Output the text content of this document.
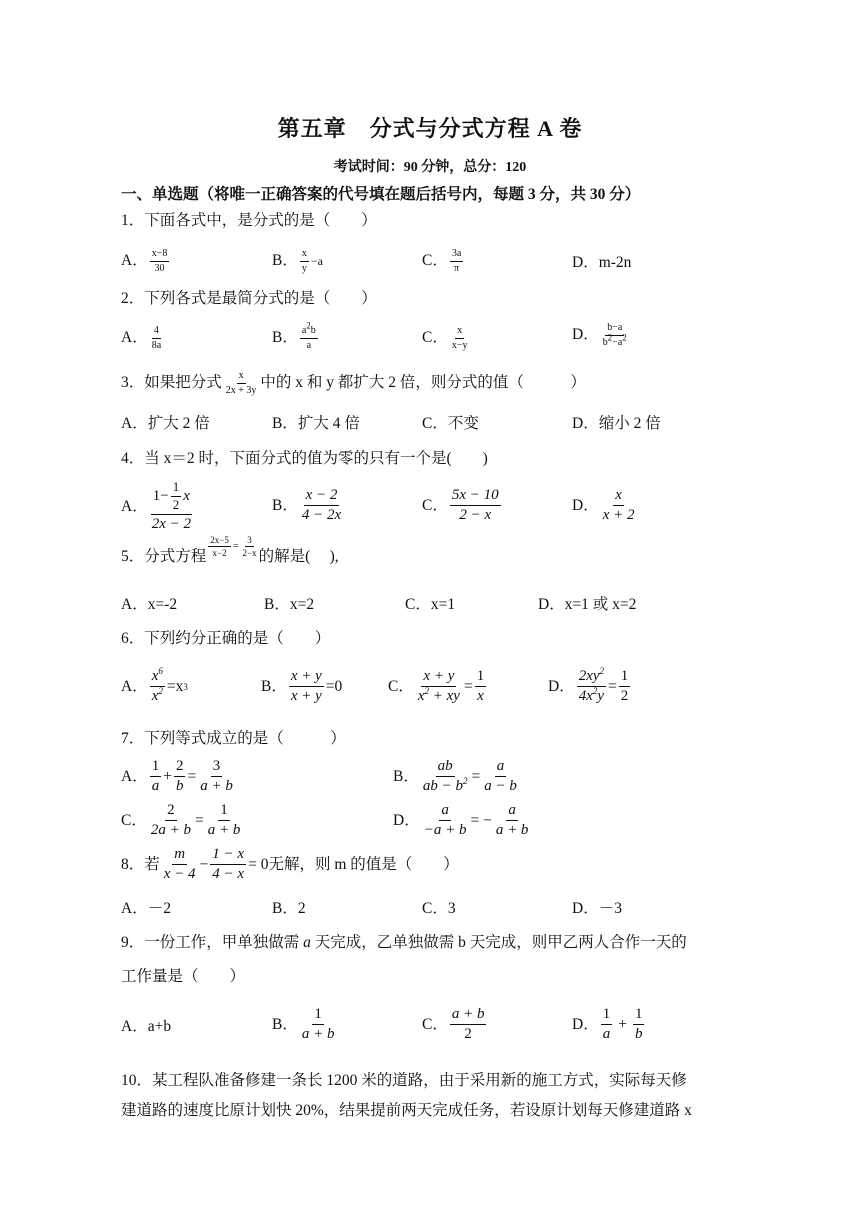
第五章　分式与分式方程 A 卷
考试时间：90 分钟，总分：120
一、单选题（将唯一正确答案的代号填在题后括号内，每题 3 分，共 30 分）
1．下面各式中，是分式的是（　　）
A． $\frac{x-8}{30}$	B． $\frac{x}{y} -a$	C． $\frac{3a}{\pi}$	D． m-2n
2．下列各式是最简分式的是（　　）
A． $\frac{4}{8a}$	B． $\frac{a^2b}{a}$	C． $\frac{x}{x-y}$	D． $\frac{b-a}{b^2-a^2}$
3．如果把分式 $\frac{x}{2x + 3y}$ 中的 x 和 y 都扩大 2 倍，则分式的值（　　　）
A．扩大 2 倍	B．扩大 4 倍	C．不变	D．缩小 2 倍
4．当 x＝2 时，下面分式的值为零的只有一个是(　　)
A． $\frac{1- \frac{1}{2} x}{2x - 2}$	B． $\frac{x - 2}{4 - 2x}$	C． $\frac{5x - 10}{2 - x}$	D． $\frac{x}{x + 2}$
5．分式方程 $\frac{2x-5}{x-2} = \frac{3}{2-x}$ 的解是(　 ),
A．x=-2	B．x=2	C．x=1	D．x=1 或 x=2
6．下列约分正确的是（　　）
A． $\frac{x^6}{x^2} =x$ 3	B． $\frac{x + y}{x + y} =0$	C． $\frac{x + y}{x^2 + xy} = \frac{1}{x}$	D． $\frac{2xy^2}{4x^2y} = \frac{1}{2}$
7．下列等式成立的是（　　　）
A． $\frac{1}{a} + \frac{2}{b} = \frac{3}{a + b}$	B． $\frac{ab}{ab - b^2} = \frac{a}{a - b}$
C． $\frac{2}{2a + b} = \frac{1}{a + b}$	D． $\frac{a}{-a + b}$ = − $\frac{a}{a + b}$
8．若 $\frac{m}{x - 4} - \frac{1 - x}{4 - x} = 0$ 无解，则 m 的值是（　　）
A．－2	B．2	C．3	D．－3
9．一份工作，甲单独做需 a 天完成，乙单独做需 b 天完成，则甲乙两人合作一天的
工作量是（　　）
A．a+b	B． $\frac{1}{a + b}$	C． $\frac{a + b}{2}$	D． $\frac{1}{a} + \frac{1}{b}$
10．某工程队准备修建一条长 1200 米的道路，由于采用新的施工方式，实际每天修
建道路的速度比原计划快 20%，结果提前两天完成任务，若设原计划每天修建道路 x
